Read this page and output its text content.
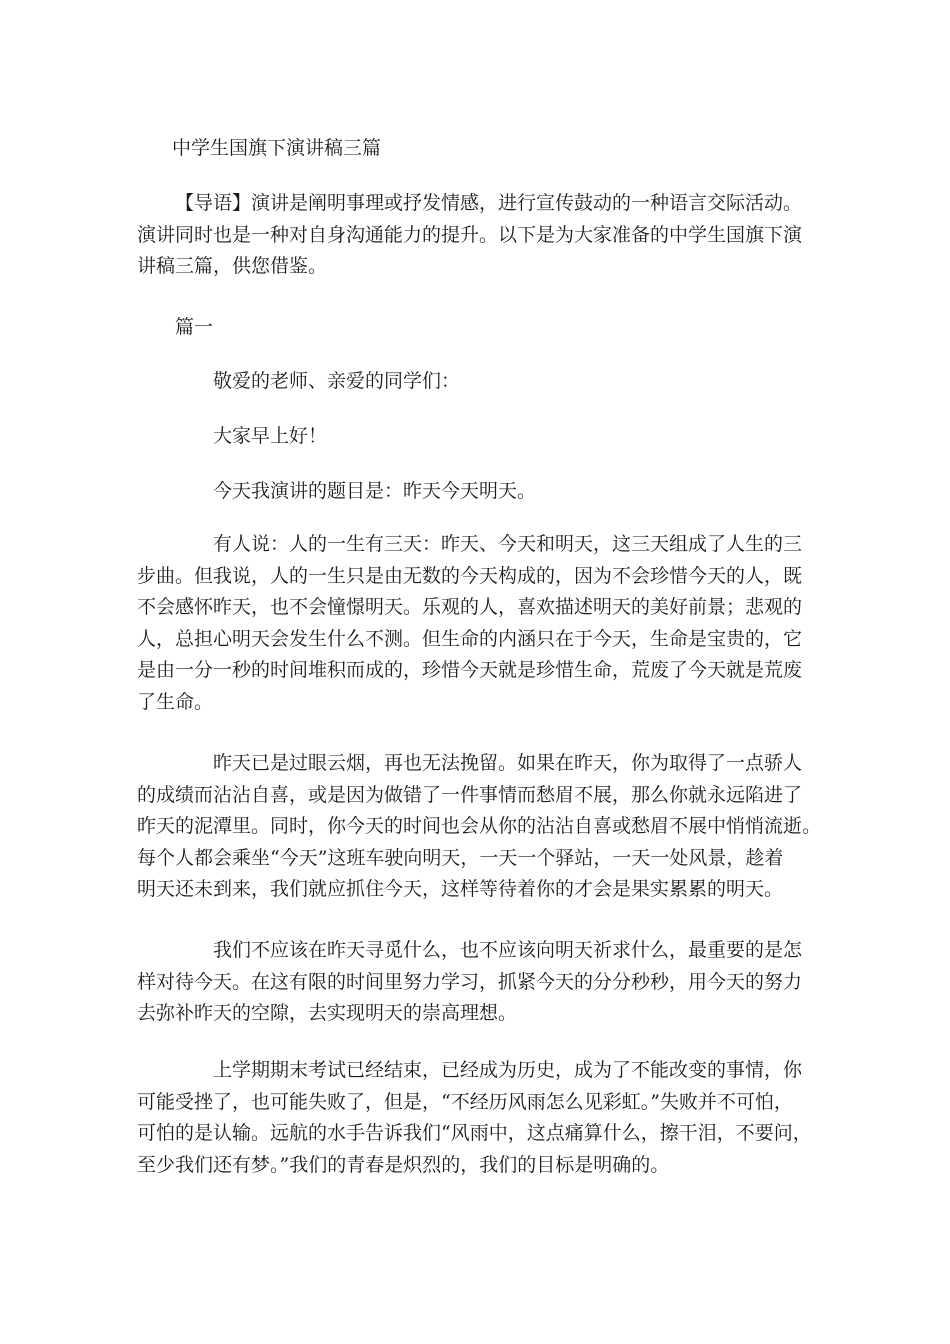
中学生国旗下演讲稿三篇
【导语】演讲是阐明事理或抒发情感，进行宣传鼓动的一种语言交际活动。
演讲同时也是一种对自身沟通能力的提升。以下是为大家准备的中学生国旗下演
讲稿三篇，供您借鉴。
篇一
敬爱的老师、亲爱的同学们：
大家早上好！
今天我演讲的题目是：昨天今天明天。
有人说：人的一生有三天：昨天、今天和明天，这三天组成了人生的三
步曲。但我说，人的一生只是由无数的今天构成的，因为不会珍惜今天的人，既
不会感怀昨天，也不会憧憬明天。乐观的人，喜欢描述明天的美好前景；悲观的
人，总担心明天会发生什么不测。但生命的内涵只在于今天，生命是宝贵的，它
是由一分一秒的时间堆积而成的，珍惜今天就是珍惜生命，荒废了今天就是荒废
了生命。
昨天已是过眼云烟，再也无法挽留。如果在昨天，你为取得了一点骄人
的成绩而沾沾自喜，或是因为做错了一件事情而愁眉不展，那么你就永远陷进了
昨天的泥潭里。同时，你今天的时间也会从你的沾沾自喜或愁眉不展中悄悄流逝。
每个人都会乘坐“今天”这班车驶向明天，一天一个驿站，一天一处风景，趁着
明天还未到来，我们就应抓住今天，这样等待着你的才会是果实累累的明天。
我们不应该在昨天寻觅什么，也不应该向明天祈求什么，最重要的是怎
样对待今天。在这有限的时间里努力学习，抓紧今天的分分秒秒，用今天的努力
去弥补昨天的空隙，去实现明天的崇高理想。
上学期期末考试已经结束，已经成为历史，成为了不能改变的事情，你
可能受挫了，也可能失败了，但是，“不经历风雨怎么见彩虹。”失败并不可怕，
可怕的是认输。远航的水手告诉我们“风雨中，这点痛算什么，擦干泪，不要问，
至少我们还有梦。”我们的青春是炽烈的，我们的目标是明确的。
